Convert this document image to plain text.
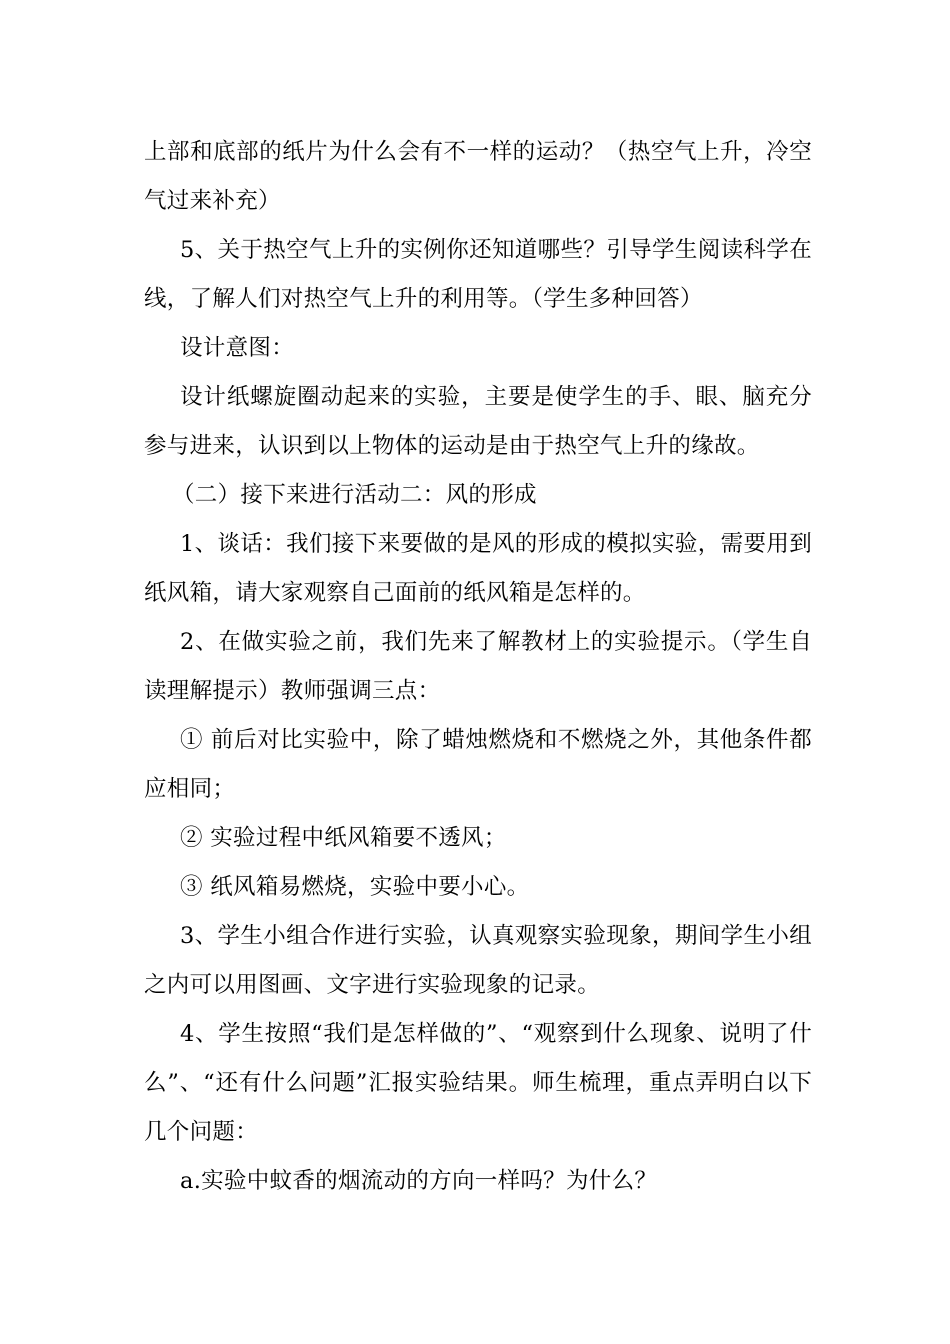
上部和底部的纸片为什么会有不一样的运动？（热空气上升，冷空气过来补充）

5、关于热空气上升的实例你还知道哪些？引导学生阅读科学在线，了解人们对热空气上升的利用等。（学生多种回答）

设计意图：

设计纸螺旋圈动起来的实验，主要是使学生的手、眼、脑充分参与进来，认识到以上物体的运动是由于热空气上升的缘故。

（二）接下来进行活动二：风的形成

1、谈话：我们接下来要做的是风的形成的模拟实验，需要用到纸风箱，请大家观察自己面前的纸风箱是怎样的。

2、在做实验之前，我们先来了解教材上的实验提示。（学生自读理解提示）教师强调三点：

① 前后对比实验中，除了蜡烛燃烧和不燃烧之外，其他条件都应相同；

② 实验过程中纸风箱要不透风；

③ 纸风箱易燃烧，实验中要小心。

3、学生小组合作进行实验，认真观察实验现象，期间学生小组之内可以用图画、文字进行实验现象的记录。

4、学生按照“我们是怎样做的”、“观察到什么现象、说明了什么”、“还有什么问题”汇报实验结果。师生梳理，重点弄明白以下几个问题：

a.实验中蚊香的烟流动的方向一样吗？为什么？
